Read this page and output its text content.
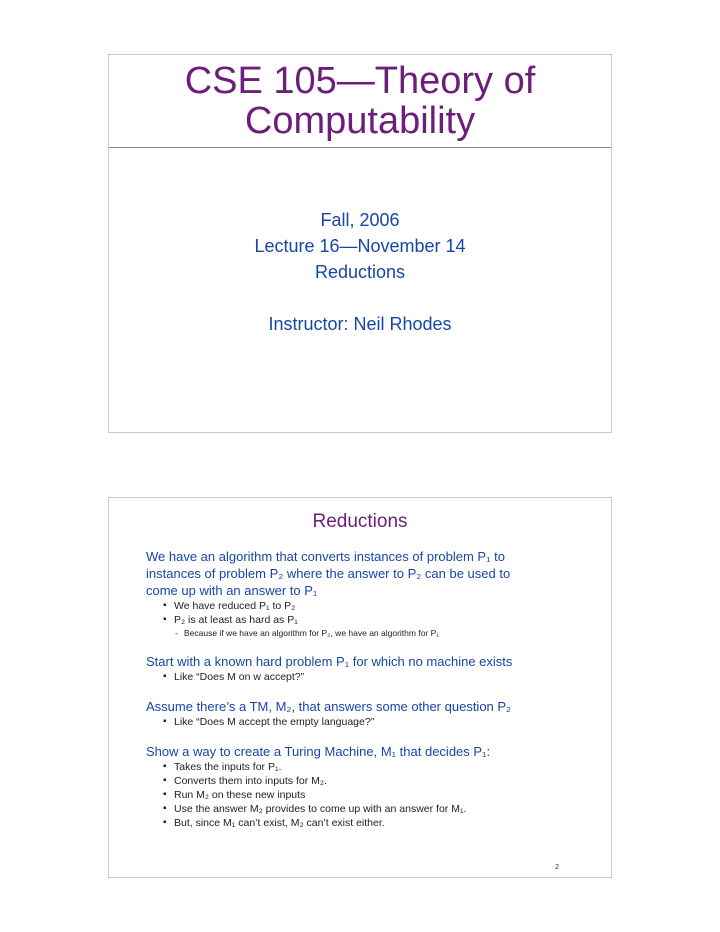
CSE 105—Theory of
Computability
Fall, 2006
Lecture 16—November 14
Reductions
Instructor: Neil Rhodes
Reductions
We have an algorithm that converts instances of problem P₁ to
instances of problem P₂ where the answer to P₂ can be used to
come up with an answer to P₁
▪ We have reduced P₁ to P₂
▪ P₂ is at least as hard as P₁
- Because if we have an algorithm for P₂, we have an algorithm for P₁
Start with a known hard problem P₁ for which no machine exists
▪ Like “Does M on w accept?”
Assume there’s a TM, M₂, that answers some other question P₂
▪ Like “Does M accept the empty language?”
Show a way to create a Turing Machine, M₁ that decides P₁:
▪ Takes the inputs for P₁.
▪ Converts them into inputs for M₂.
▪ Run M₂ on these new inputs
▪ Use the answer M₂ provides to come up with an answer for M₁.
▪ But, since M₁ can’t exist, M₂ can’t exist either.
2
